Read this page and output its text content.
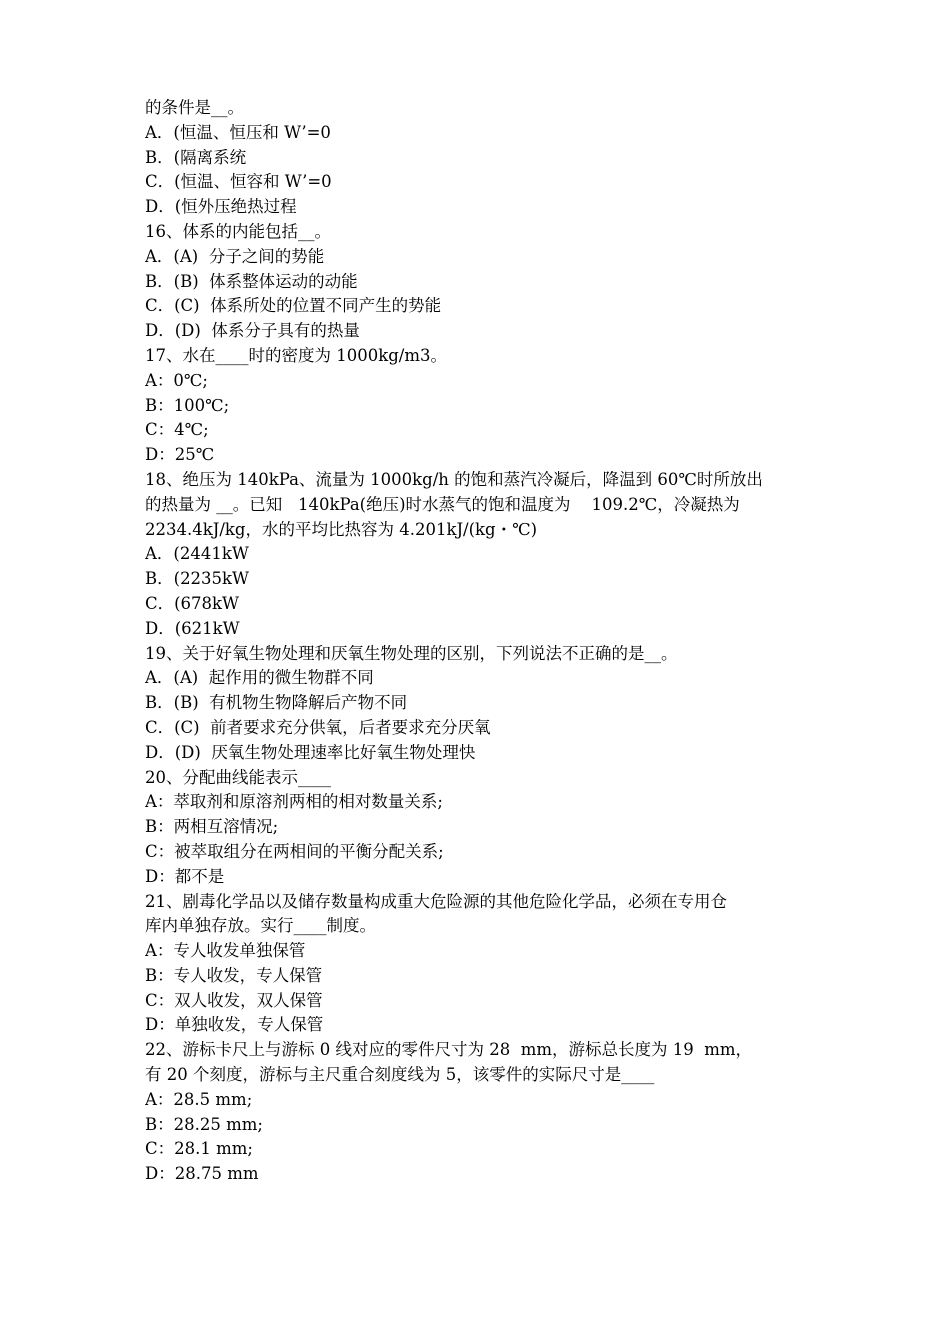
的条件是__。

A．(恒温、恒压和 W’=0

B．(隔离系统

C．(恒温、恒容和 W’=0

D．(恒外压绝热过程

16、体系的内能包括__。

A．(A)  分子之间的势能

B．(B)  体系整体运动的动能

C．(C)  体系所处的位置不同产生的势能

D．(D)  体系分子具有的热量

17、水在____时的密度为 1000kg/m3。

A：0℃;

B：100℃;

C：4℃;

D：25℃

18、绝压为 140kPa、流量为 1000kg/h 的饱和蒸汽冷凝后，降温到 60℃时所放出

的热量为 __。已知   140kPa(绝压)时水蒸气的饱和温度为    109.2℃，冷凝热为

2234.4kJ/kg，水的平均比热容为 4.201kJ/(kg・℃)

A．(2441kW

B．(2235kW

C．(678kW

D．(621kW

19、关于好氧生物处理和厌氧生物处理的区别，下列说法不正确的是__。

A．(A)  起作用的微生物群不同

B．(B)  有机物生物降解后产物不同

C．(C)  前者要求充分供氧，后者要求充分厌氧

D．(D)  厌氧生物处理速率比好氧生物处理快

20、分配曲线能表示____

A：萃取剂和原溶剂两相的相对数量关系;

B：两相互溶情况;

C：被萃取组分在两相间的平衡分配关系;

D：都不是

21、剧毒化学品以及储存数量构成重大危险源的其他危险化学品，必须在专用仓

库内单独存放。实行____制度。

A：专人收发单独保管

B：专人收发，专人保管

C：双人收发，双人保管

D：单独收发，专人保管

22、游标卡尺上与游标 0 线对应的零件尺寸为 28  mm，游标总长度为 19  mm，

有 20 个刻度，游标与主尺重合刻度线为 5，该零件的实际尺寸是____

A：28.5 mm;

B：28.25 mm;

C：28.1 mm;

D：28.75 mm
